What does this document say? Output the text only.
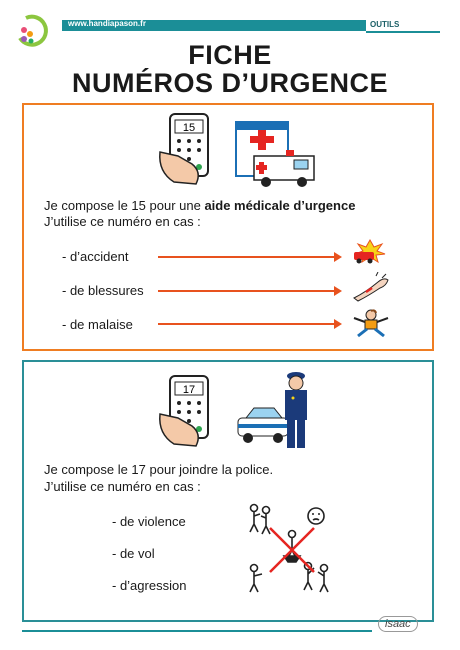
www.handiapason.fr	OUTILS
FICHE
NUMÉROS D’URGENCE
15
Je compose le 15 pour une aide médicale d’urgence
J’utilise ce numéro en cas :
- d’accident
- de blessures
- de malaise
17
Je compose le 17 pour joindre la police.
J’utilise ce numéro en cas :
- de violence
- de vol
- d’agression
isaac
